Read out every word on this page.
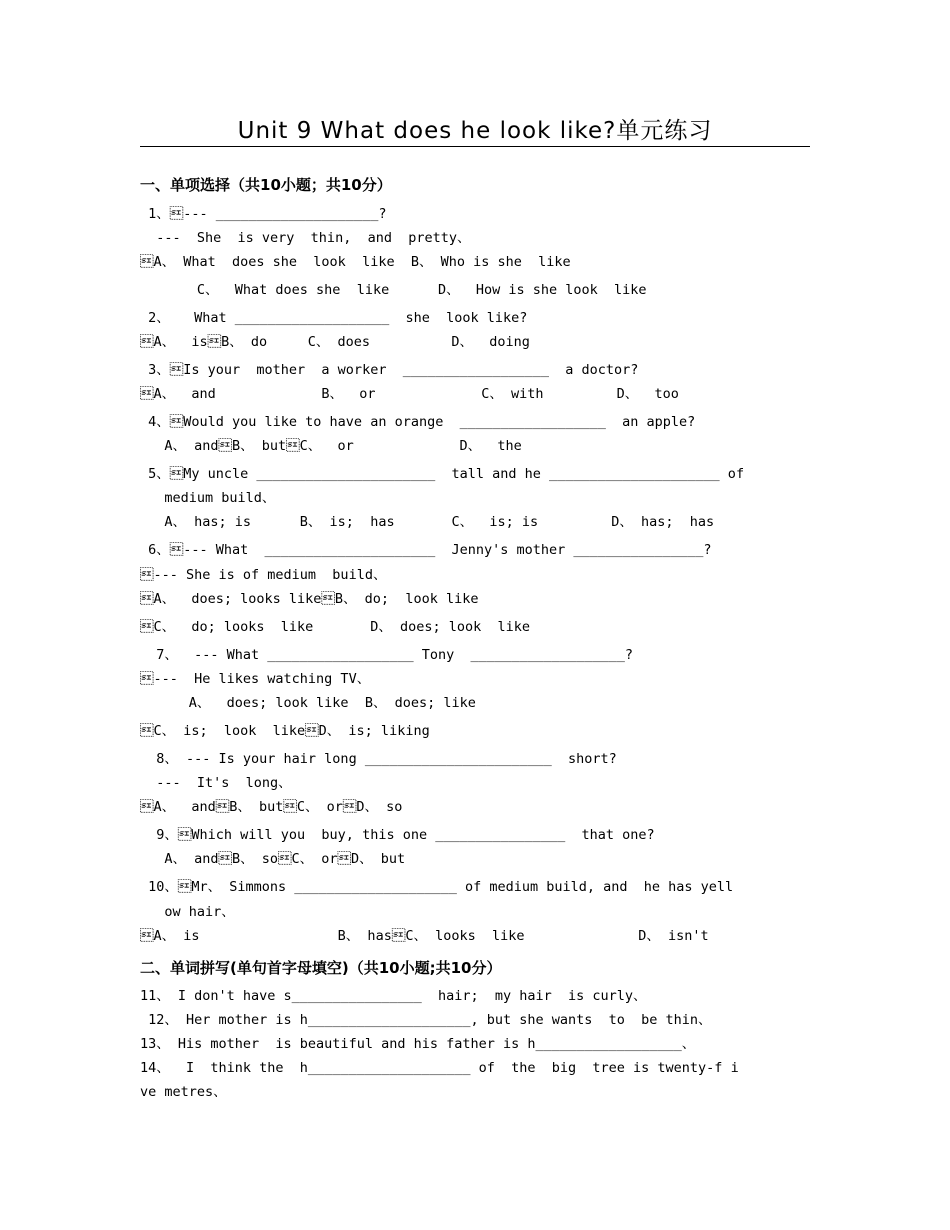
Unit 9 What does he look like?单元练习
一、单项选择（共10小题；共10分）
1、--- ____________________?
---  She  is very  thin,  and  pretty、
A、 What  does she  look  like  B、 Who is she  like
C、  What does she  like      D、  How is she look  like
2、   What ___________________  she  look like?
A、  isB、 do     C、 does          D、  doing
3、Is your  mother  a worker  __________________  a doctor?
A、  and             B、  or             C、 with         D、  too
4、Would you like to have an orange  __________________  an apple?
A、 andB、 butC、  or             D、  the
5、My uncle ______________________  tall and he _____________________ of
medium build、
A、 has; is      B、 is;  has       C、  is; is         D、 has;  has
6、--- What  _____________________  Jenny's mother ________________?
--- She is of medium  build、
A、  does; looks likeB、 do;  look like
C、  do; looks  like       D、 does; look  like
7、  --- What __________________ Tony  ___________________?
---  He likes watching TV、
A、  does; look like  B、 does; like
C、 is;  look  likeD、 is; liking
8、 --- Is your hair long _______________________  short?
---  It's  long、
A、  andB、 butC、 orD、 so
9、Which will you  buy, this one ________________  that one?
A、 andB、 soC、 orD、 but
10、Mr、 Simmons ____________________ of medium build, and  he has yell
ow hair、
A、 is                 B、 hasC、 looks  like              D、 isn't
二、单词拼写(单句首字母填空)（共10小题;共10分）
11、 I don't have s________________  hair;  my hair  is curly、
12、 Her mother is h____________________, but she wants  to  be thin、
13、 His mother  is beautiful and his father is h__________________、
14、  I  think the  h____________________ of  the  big  tree is twenty-f i
ve metres、
